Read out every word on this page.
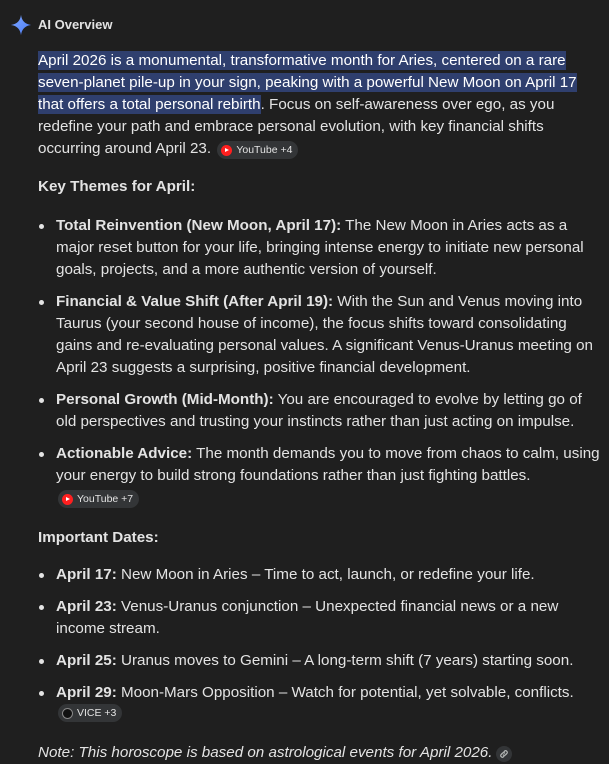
AI Overview

April 2026 is a monumental, transformative month for Aries, centered on a rare seven-planet pile-up in your sign, peaking with a powerful New Moon on April 17 that offers a total personal rebirth. Focus on self-awareness over ego, as you redefine your path and embrace personal evolution, with key financial shifts occurring around April 23. YouTube +4

Key Themes for April:
Total Reinvention (New Moon, April 17): The New Moon in Aries acts as a major reset button for your life, bringing intense energy to initiate new personal goals, projects, and a more authentic version of yourself.
Financial & Value Shift (After April 19): With the Sun and Venus moving into Taurus (your second house of income), the focus shifts toward consolidating gains and re-evaluating personal values. A significant Venus-Uranus meeting on April 23 suggests a surprising, positive financial development.
Personal Growth (Mid-Month): You are encouraged to evolve by letting go of old perspectives and trusting your instincts rather than just acting on impulse.
Actionable Advice: The month demands you to move from chaos to calm, using your energy to build strong foundations rather than just fighting battles.
YouTube +7
Important Dates:
April 17: New Moon in Aries – Time to act, launch, or redefine your life.
April 23: Venus-Uranus conjunction – Unexpected financial news or a new income stream.
April 25: Uranus moves to Gemini – A long-term shift (7 years) starting soon.
April 29: Moon-Mars Opposition – Watch for potential, yet solvable, conflicts.
VICE +3

Note: This horoscope is based on astrological events for April 2026.
